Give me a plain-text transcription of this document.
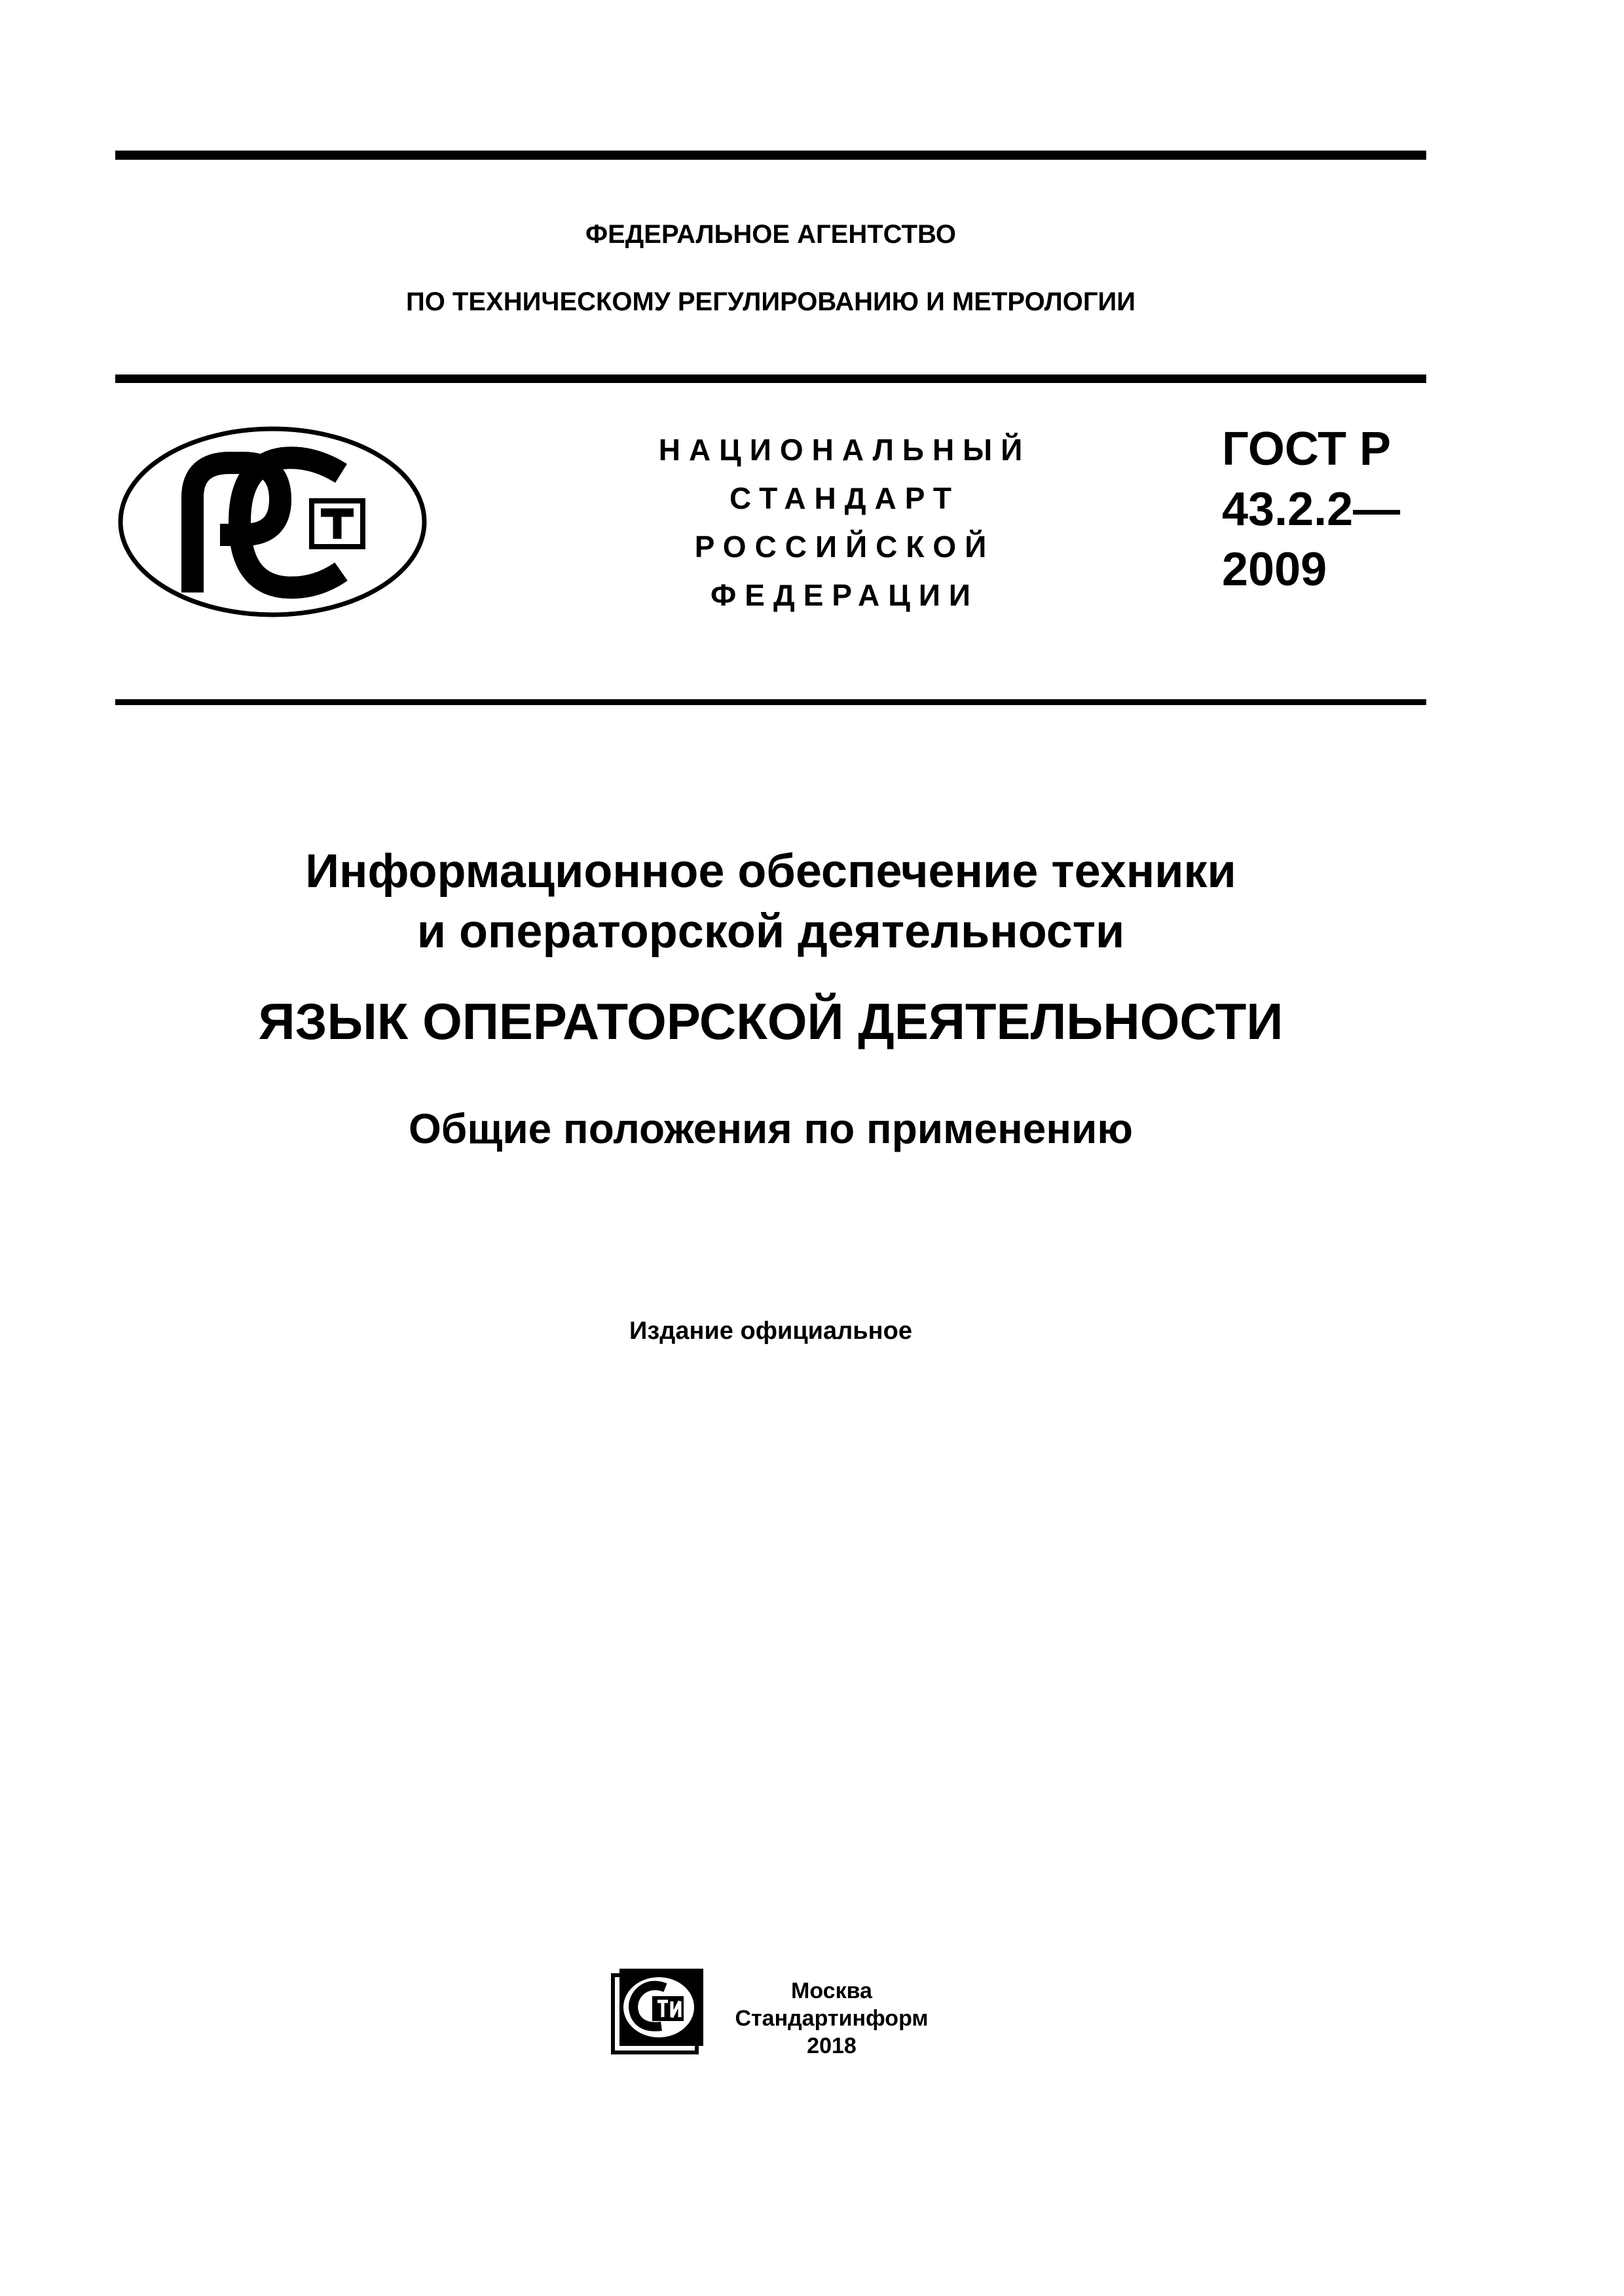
ФЕДЕРАЛЬНОЕ АГЕНТСТВО
ПО ТЕХНИЧЕСКОМУ РЕГУЛИРОВАНИЮ И МЕТРОЛОГИИ
НАЦИОНАЛЬНЫЙ
СТАНДАРТ
РОССИЙСКОЙ
ФЕДЕРАЦИИ
ГОСТ Р
43.2.2—
2009
Информационное обеспечение техники
и операторской деятельности
ЯЗЫК ОПЕРАТОРСКОЙ ДЕЯТЕЛЬНОСТИ
Общие положения по применению
Издание официальное
Москва
Стандартинформ
2018
